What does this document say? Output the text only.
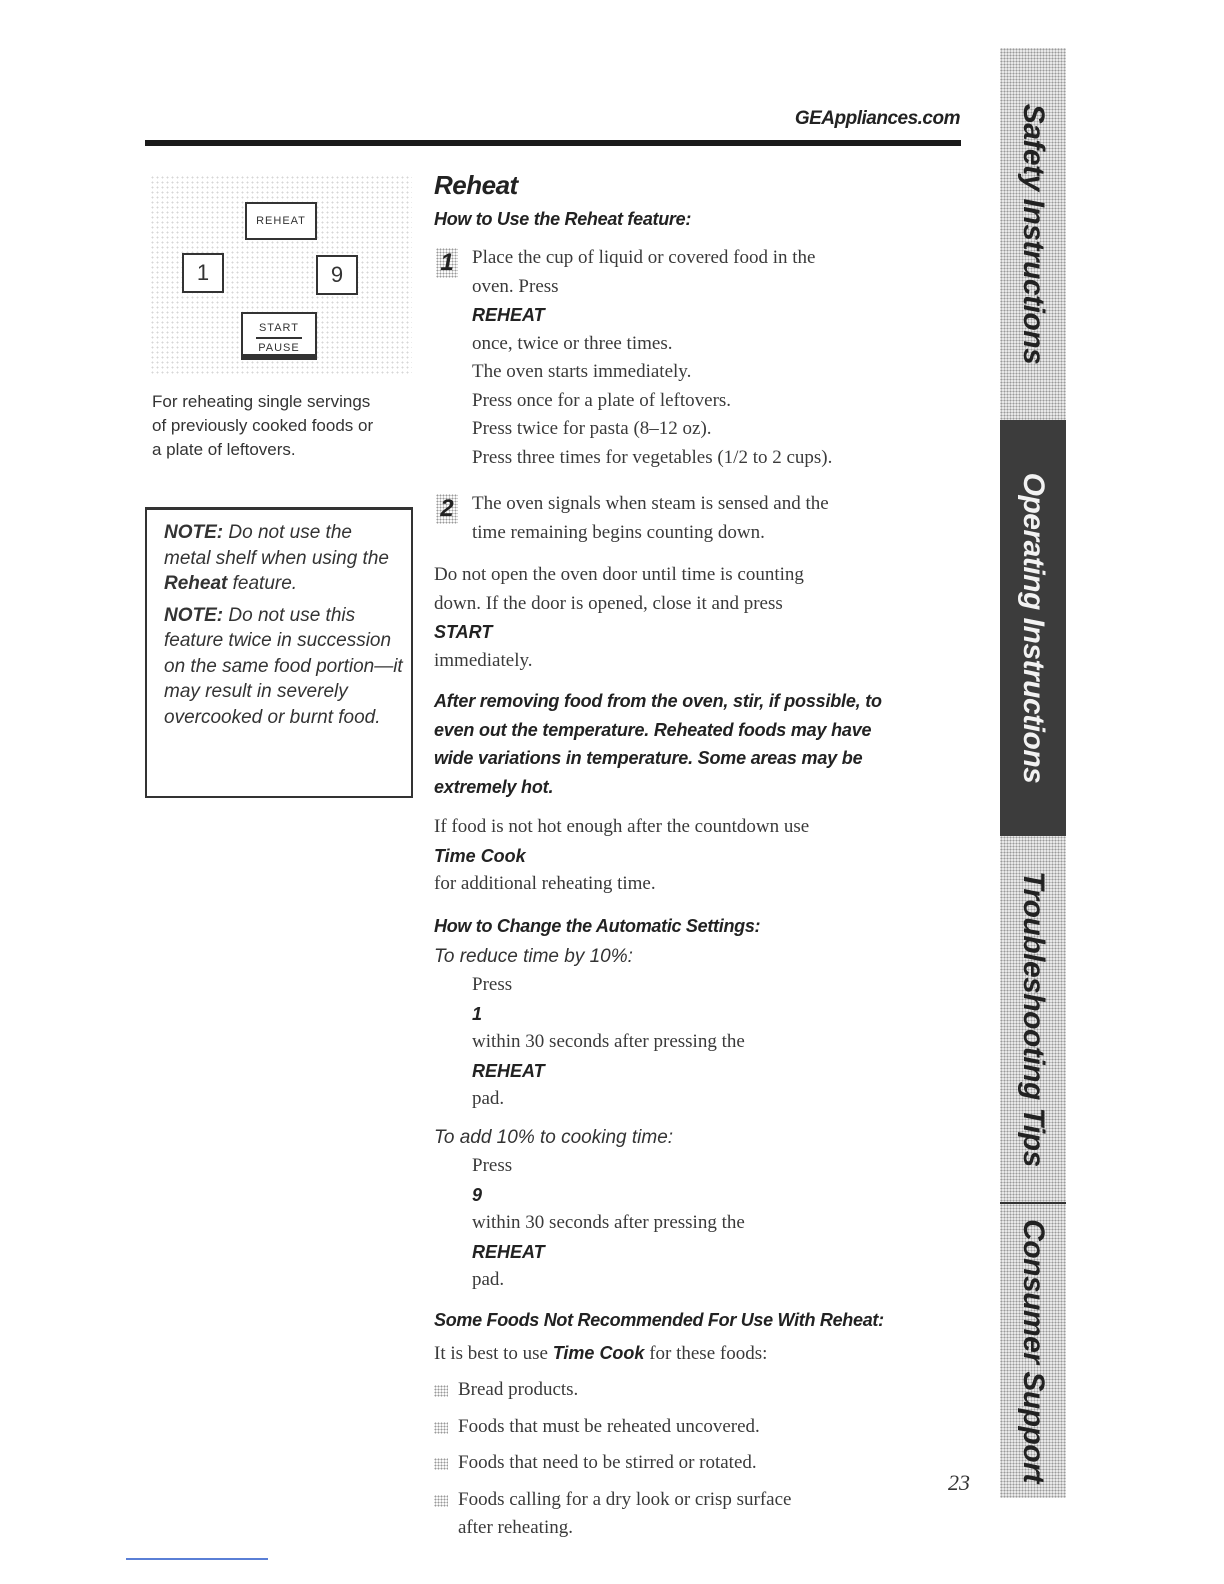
GEAppliances.com
REHEAT
1	9
START
PAUSE
For reheating single servings
of previously cooked foods or
a plate of leftovers.

NOTE: Do not use the metal shelf when using the Reheat feature.

NOTE: Do not use this feature twice in succession on the same food portion—it may result in severely overcooked or burnt food.

Reheat
How to Use the Reheat feature:
1 Place the cup of liquid or covered food in the
oven. Press
REHEAT
once, twice or three times.
The oven starts immediately.
Press once for a plate of leftovers.
Press twice for pasta (8–12 oz).
Press three times for vegetables (1/2 to 2 cups).
2 The oven signals when steam is sensed and the
time remaining begins counting down.
Do not open the oven door until time is counting
down. If the door is opened, close it and press
START
immediately.
After removing food from the oven, stir, if possible, to
even out the temperature. Reheated foods may have
wide variations in temperature. Some areas may be
extremely hot.
If food is not hot enough after the countdown use
Time Cook
for additional reheating time.
How to Change the Automatic Settings:

To reduce time by 10%:

Press
1
within 30 seconds after pressing the
REHEAT
pad.

To add 10% to cooking time:

Press
9
within 30 seconds after pressing the
REHEAT
pad.
Some Foods Not Recommended For Use With Reheat:

It is best to use Time Cook for these foods:

Bread products.

Foods that must be reheated uncovered.

Foods that need to be stirred or rotated.

Foods calling for a dry look or crisp surface
after reheating.

Safety Instructions
Operating Instructions
Troubleshooting Tips
Consumer Support
23
